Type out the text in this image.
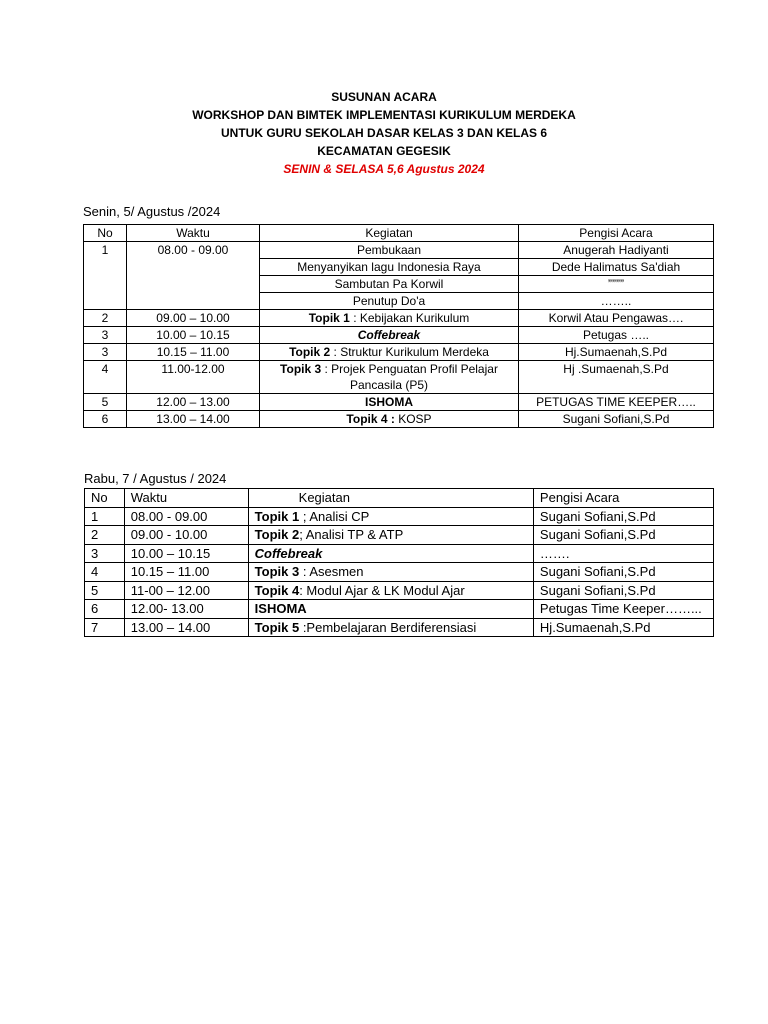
SUSUNAN ACARA
WORKSHOP DAN BIMTEK IMPLEMENTASI KURIKULUM MERDEKA
UNTUK GURU SEKOLAH DASAR KELAS 3 DAN KELAS 6
KECAMATAN GEGESIK
SENIN & SELASA 5,6 Agustus 2024
Senin, 5/ Agustus /2024
No	Waktu	Kegiatan	Pengisi Acara
1	08.00 - 09.00	Pembukaan	Anugerah Hadiyanti
		Menyanyikan lagu Indonesia Raya	Dede Halimatus Sa'diah
		Sambutan Pa Korwil	””””
		Penutup Do'a	……..
2	09.00 – 10.00	Topik 1 : Kebijakan Kurikulum	Korwil Atau Pengawas….
3	10.00 – 10.15	Coffebreak	Petugas …..
3	10.15 – 11.00	Topik 2 : Struktur Kurikulum Merdeka	Hj.Sumaenah,S.Pd
4	11.00-12.00	Topik 3 : Projek Penguatan Profil Pelajar Pancasila (P5)	Hj .Sumaenah,S.Pd
5	12.00 – 13.00	ISHOMA	PETUGAS TIME KEEPER…..
6	13.00 – 14.00	Topik 4 : KOSP	Sugani Sofiani,S.Pd
Rabu, 7 / Agustus / 2024
No	Waktu	Kegiatan	Pengisi Acara
1	08.00 - 09.00	Topik 1 ; Analisi CP	Sugani Sofiani,S.Pd
2	09.00 - 10.00	Topik 2; Analisi TP & ATP	Sugani Sofiani,S.Pd
3	10.00 – 10.15	Coffebreak	…….
4	10.15 – 11.00	Topik 3 : Asesmen	Sugani Sofiani,S.Pd
5	11-00 – 12.00	Topik 4: Modul Ajar & LK Modul Ajar	Sugani Sofiani,S.Pd
6	12.00- 13.00	ISHOMA	Petugas Time Keeper……...
7	13.00 – 14.00	Topik 5 :Pembelajaran Berdiferensiasi	Hj.Sumaenah,S.Pd
